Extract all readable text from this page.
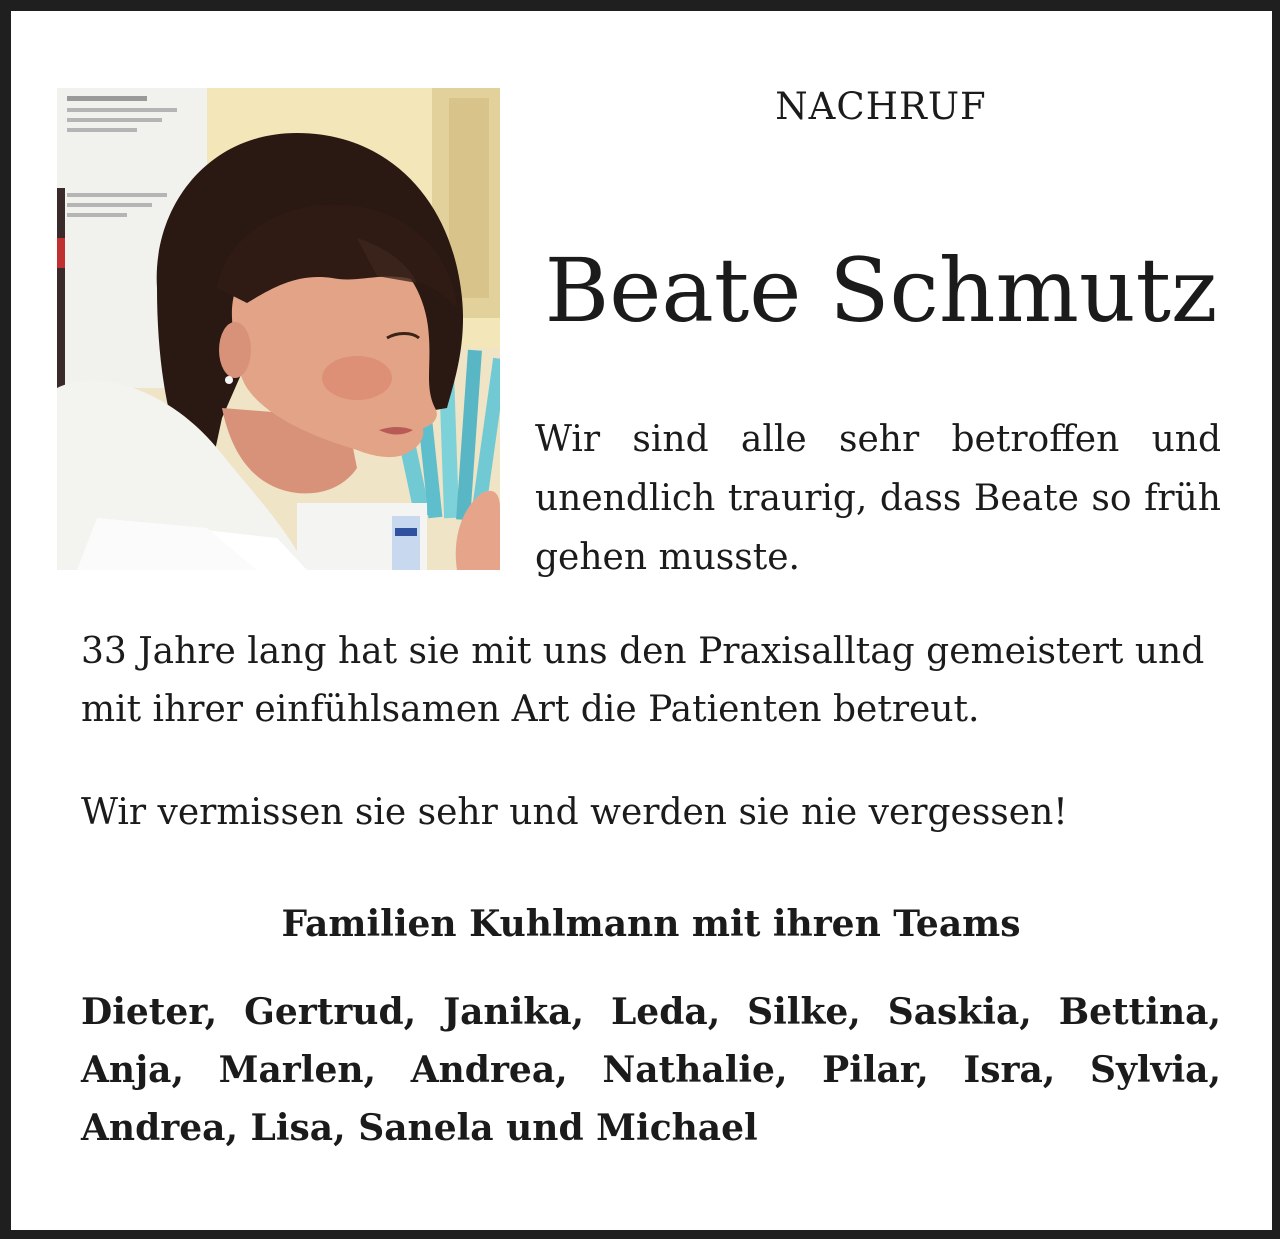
NACHRUF
Beate Schmutz
Wir sind alle sehr betroffen und unendlich traurig, dass Beate so früh gehen musste.
33 Jahre lang hat sie mit uns den Praxisalltag gemeistert und mit ihrer einfühlsamen Art die Patienten betreut.
Wir vermissen sie sehr und werden sie nie vergessen!
Familien Kuhlmann mit ihren Teams
Dieter, Gertrud, Janika, Leda, Silke, Saskia, Bettina, Anja, Marlen, Andrea, Nathalie, Pilar, Isra, Sylvia, Andrea, Lisa, Sanela und Michael
